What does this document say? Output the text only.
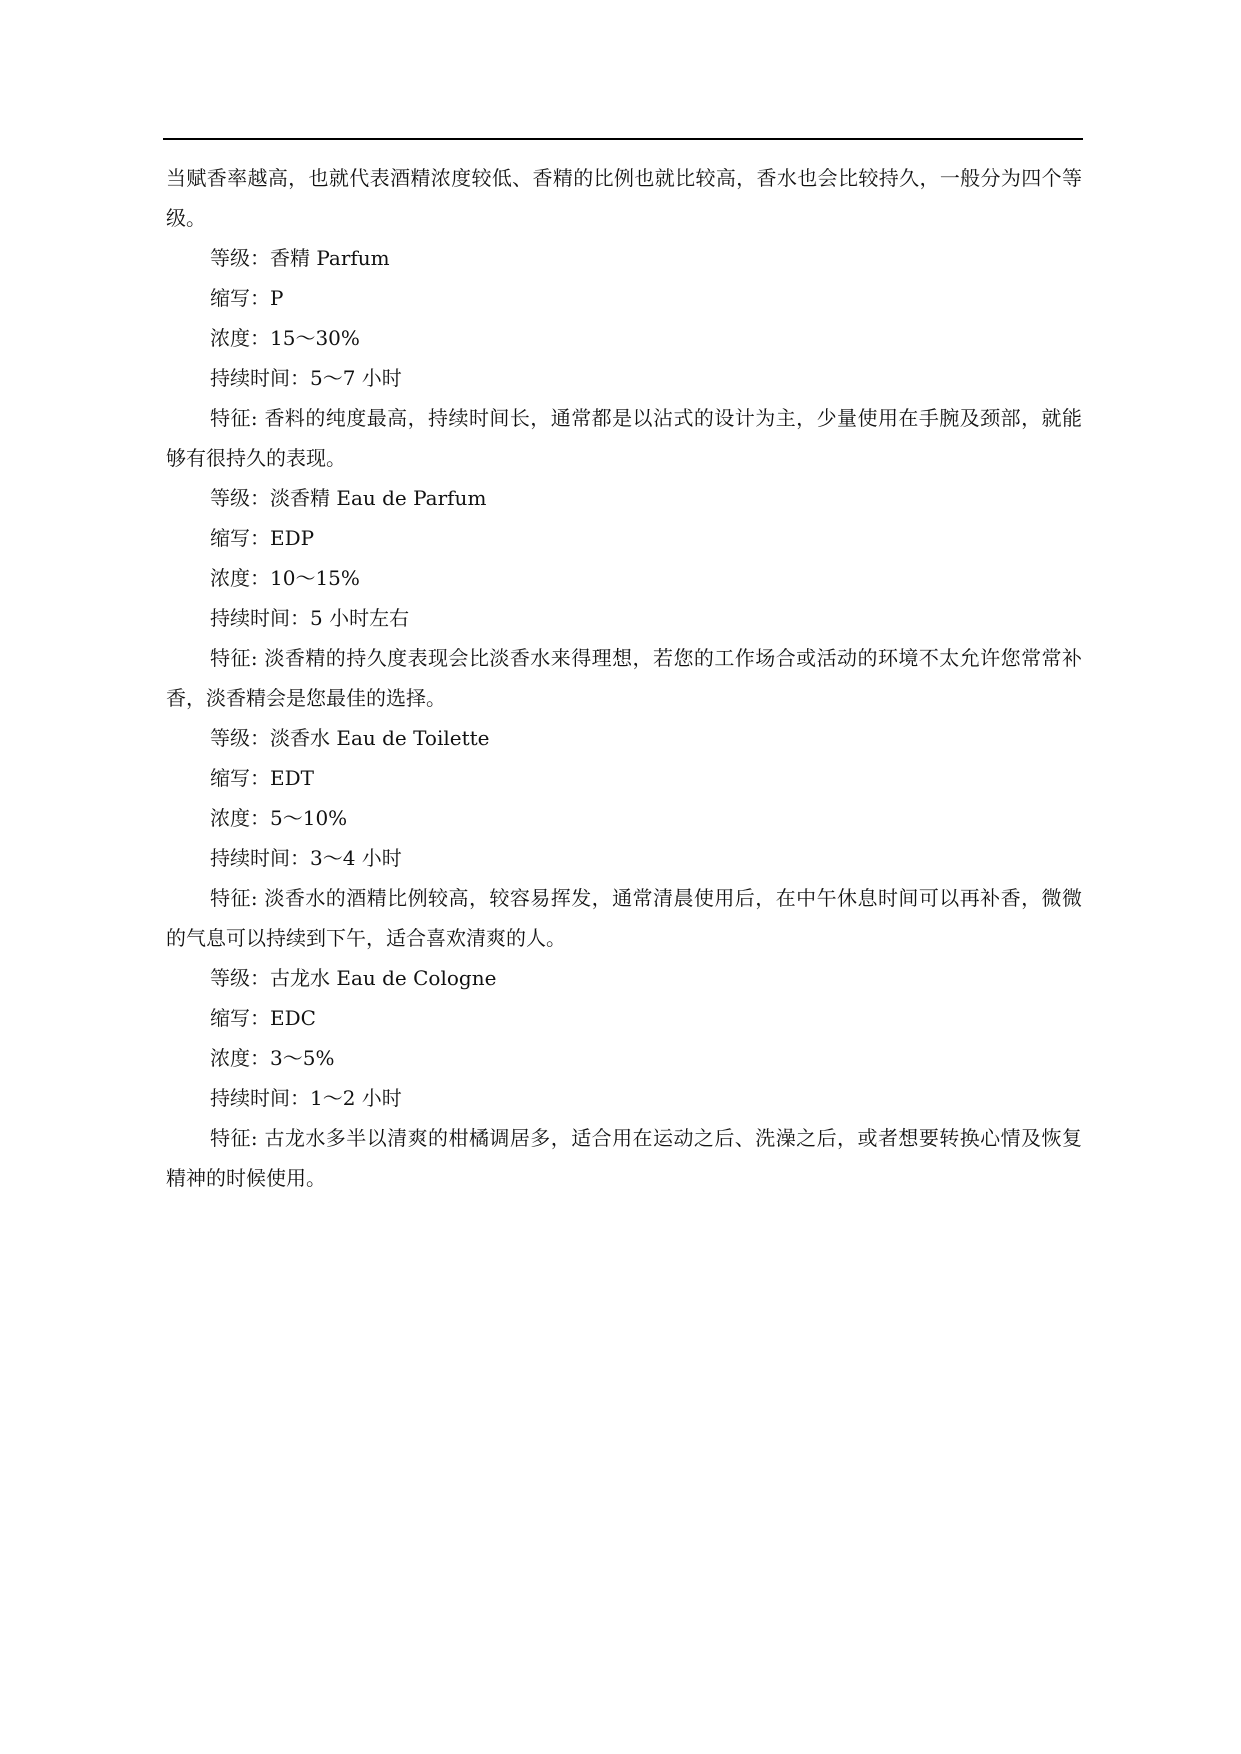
当赋香率越高，也就代表酒精浓度较低、香精的比例也就比较高，香水也会比较持久，一般分为四个等级。

等级：香精 Parfum

缩写：P

浓度：15～30%

持续时间：5～7 小时

特征: 香料的纯度最高，持续时间长，通常都是以沾式的设计为主，少量使用在手腕及颈部，就能够有很持久的表现。

等级：淡香精 Eau de Parfum

缩写：EDP

浓度：10～15%

持续时间：5 小时左右

特征: 淡香精的持久度表现会比淡香水来得理想，若您的工作场合或活动的环境不太允许您常常补香，淡香精会是您最佳的选择。

等级：淡香水 Eau de Toilette

缩写：EDT

浓度：5～10%

持续时间：3～4 小时

特征: 淡香水的酒精比例较高，较容易挥发，通常清晨使用后，在中午休息时间可以再补香，微微的气息可以持续到下午，适合喜欢清爽的人。

等级：古龙水 Eau de Cologne

缩写：EDC

浓度：3～5%

持续时间：1～2 小时

特征: 古龙水多半以清爽的柑橘调居多，适合用在运动之后、洗澡之后，或者想要转换心情及恢复精神的时候使用。
